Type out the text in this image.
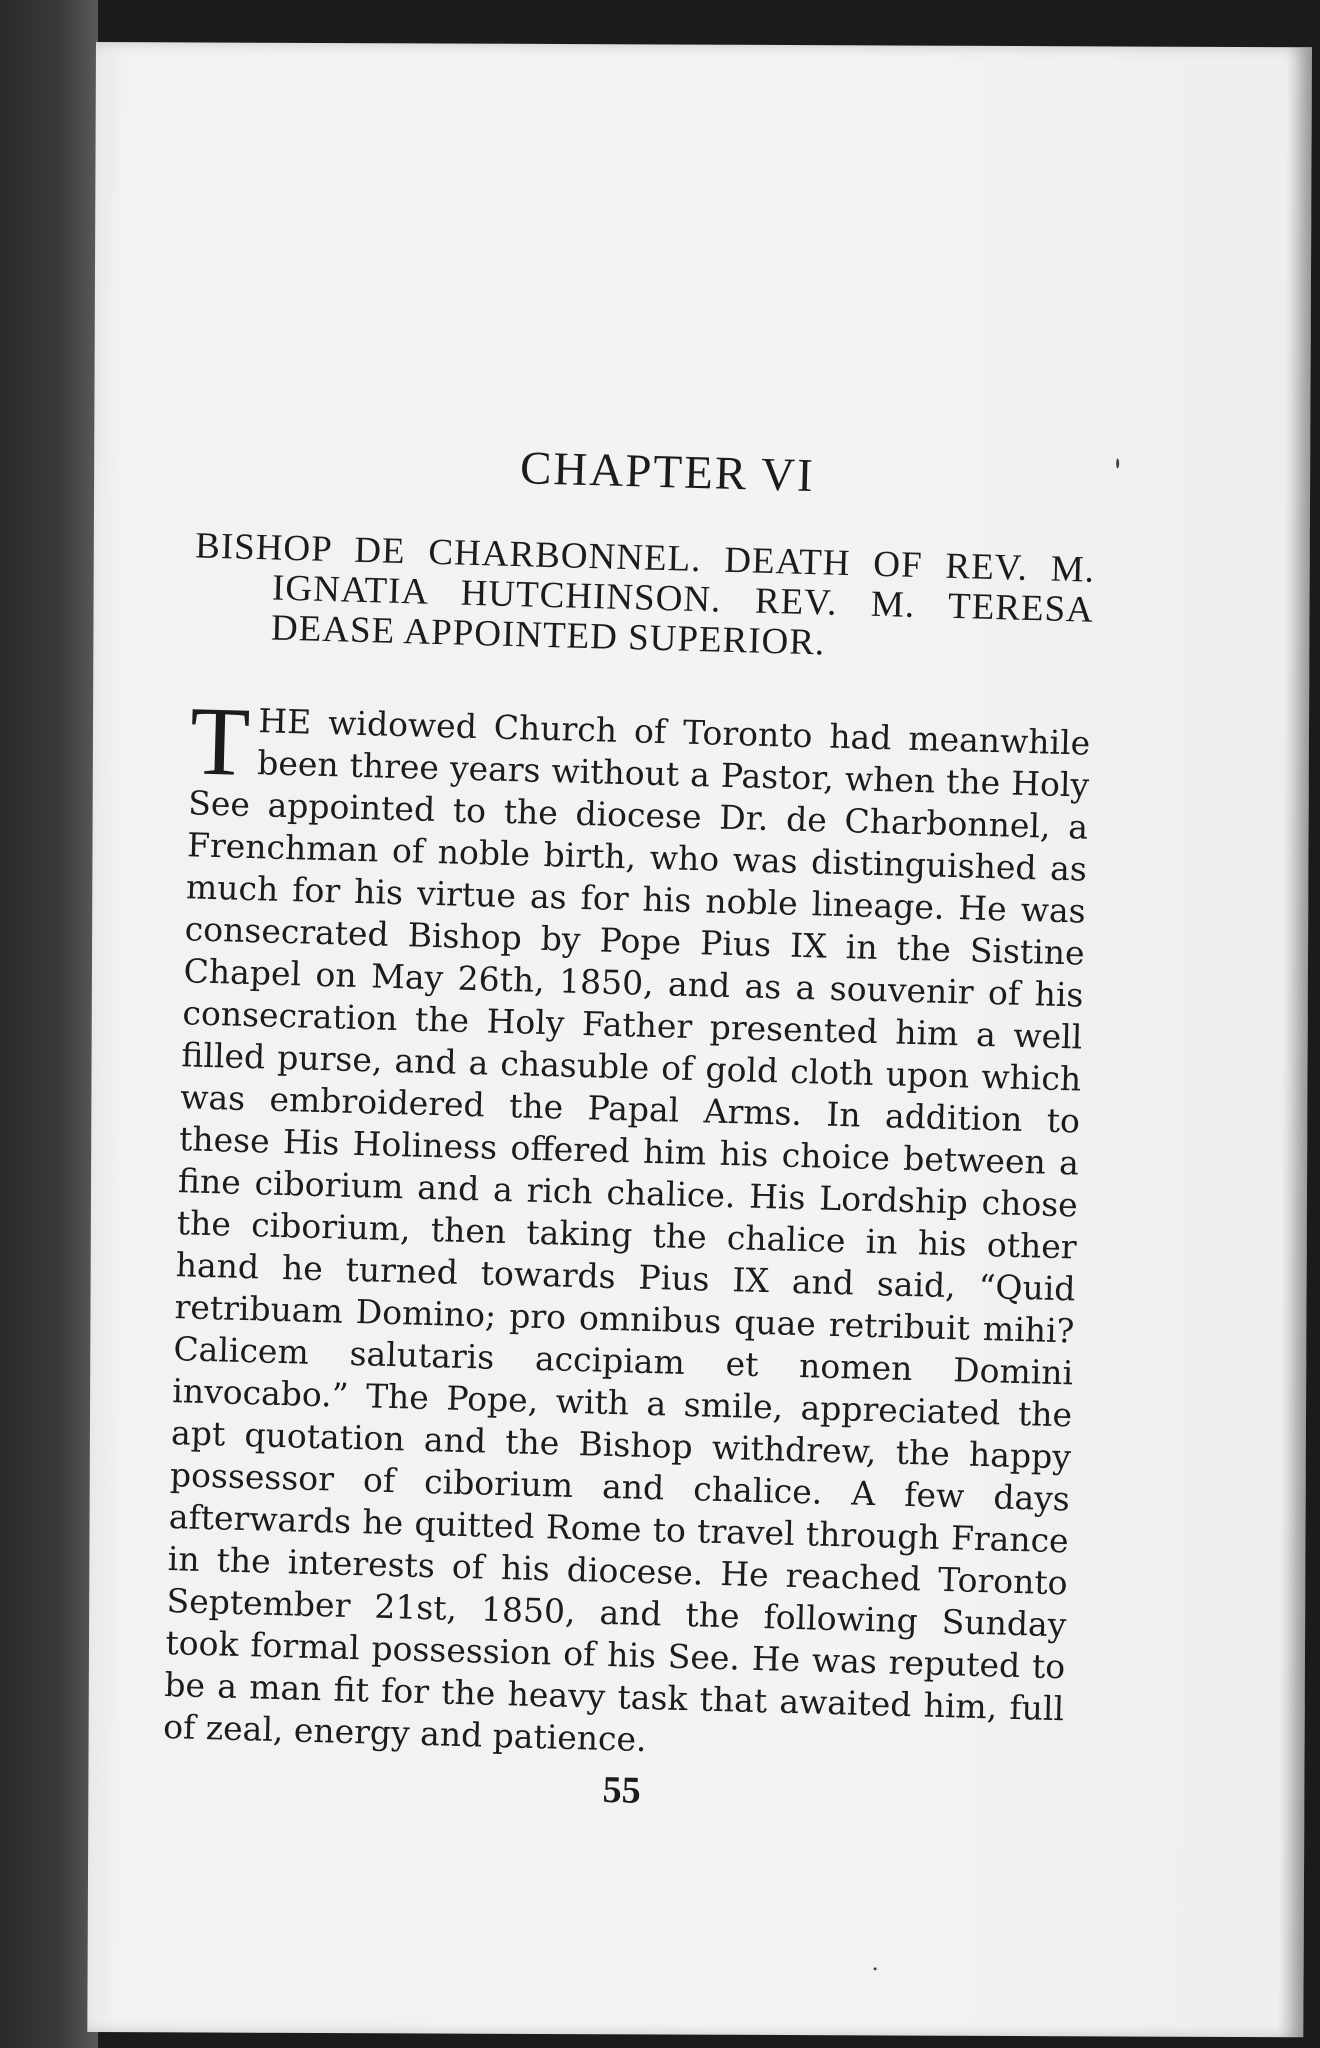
CHAPTER VI
BISHOP DE CHARBONNEL. DEATH OF REV. M. IGNATIA HUTCHINSON. REV. M. TERESA DEASE APPOINTED SUPERIOR.

THE widowed Church of Toronto had meanwhile been three years without a Pastor, when the Holy See appointed to the diocese Dr. de Charbonnel, a Frenchman of noble birth, who was distinguished as much for his virtue as for his noble lineage. He was consecrated Bishop by Pope Pius IX in the Sistine Chapel on May 26th, 1850, and as a souvenir of his consecration the Holy Father presented him a well filled purse, and a chasuble of gold cloth upon which was embroidered the Papal Arms. In addition to these His Holiness offered him his choice between a fine ciborium and a rich chalice. His Lordship chose the ciborium, then taking the chalice in his other hand he turned towards Pius IX and said, “Quid retribuam Domino; pro omnibus quae retribuit mihi? Calicem salutaris accipiam et nomen Domini invocabo.” The Pope, with a smile, appreciated the apt quotation and the Bishop withdrew, the happy possessor of ciborium and chalice. A few days afterwards he quitted Rome to travel through France in the interests of his diocese. He reached Toronto September 21st, 1850, and the following Sunday took formal possession of his See. He was reputed to be a man fit for the heavy task that awaited him, full of zeal, energy and patience.

55
